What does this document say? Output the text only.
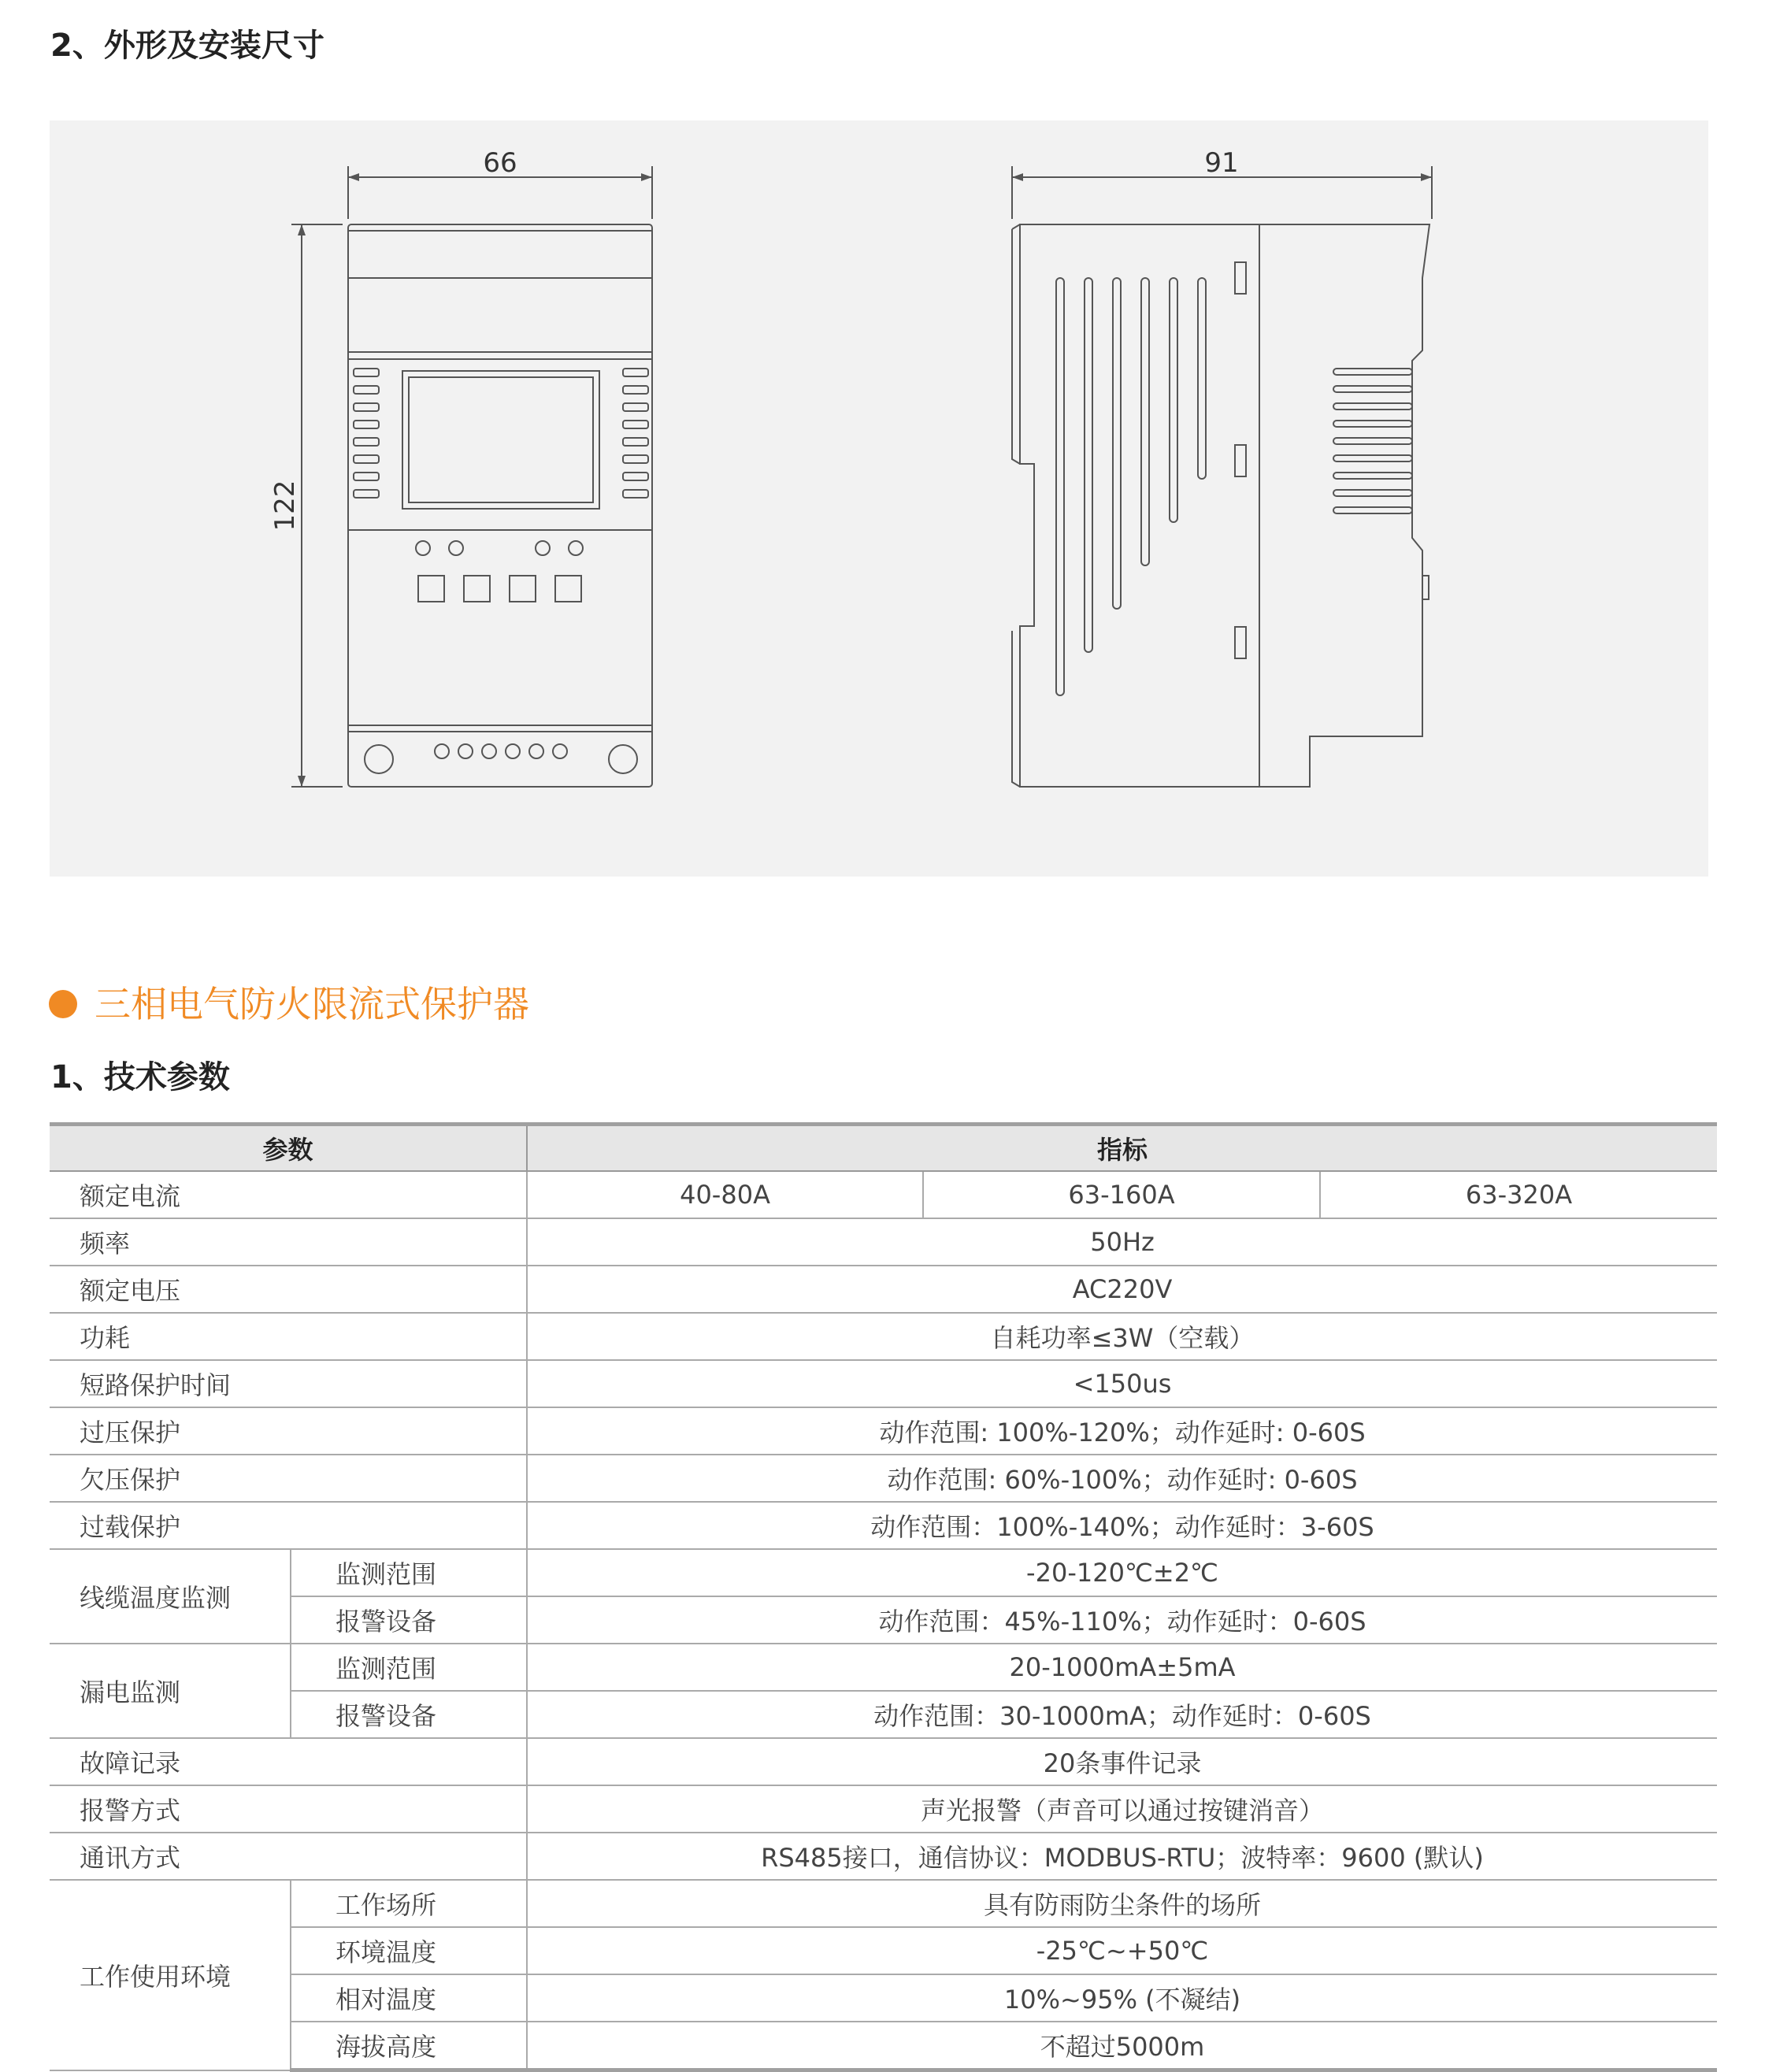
2、外形及安装尺寸
66
122
91
三相电气防火限流式保护器
1、技术参数
参数		指标		
额定电流		40-80A	63-160A	63-320A
频率		50Hz		
额定电压		AC220V		
功耗		自耗功率≤3W（空载）		
短路保护时间		<150us		
过压保护		动作范围: 100%-120%；动作延时: 0-60S		
欠压保护		动作范围: 60%-100%；动作延时: 0-60S		
过载保护		动作范围：100%-140%；动作延时：3-60S		
线缆温度监测	监测范围	-20-120℃±2℃		
	报警设备	动作范围：45%-110%；动作延时：0-60S		
漏电监测	监测范围	20-1000mA±5mA		
	报警设备	动作范围：30-1000mA；动作延时：0-60S		
故障记录		20条事件记录		
报警方式		声光报警（声音可以通过按键消音）		
通讯方式		RS485接口，通信协议：MODBUS-RTU；波特率：9600 (默认)		
工作使用环境	工作场所	具有防雨防尘条件的场所		
	环境温度	-25℃~+50℃		
	相对温度	10%~95% (不凝结)		
	海拔高度	不超过5000m		
